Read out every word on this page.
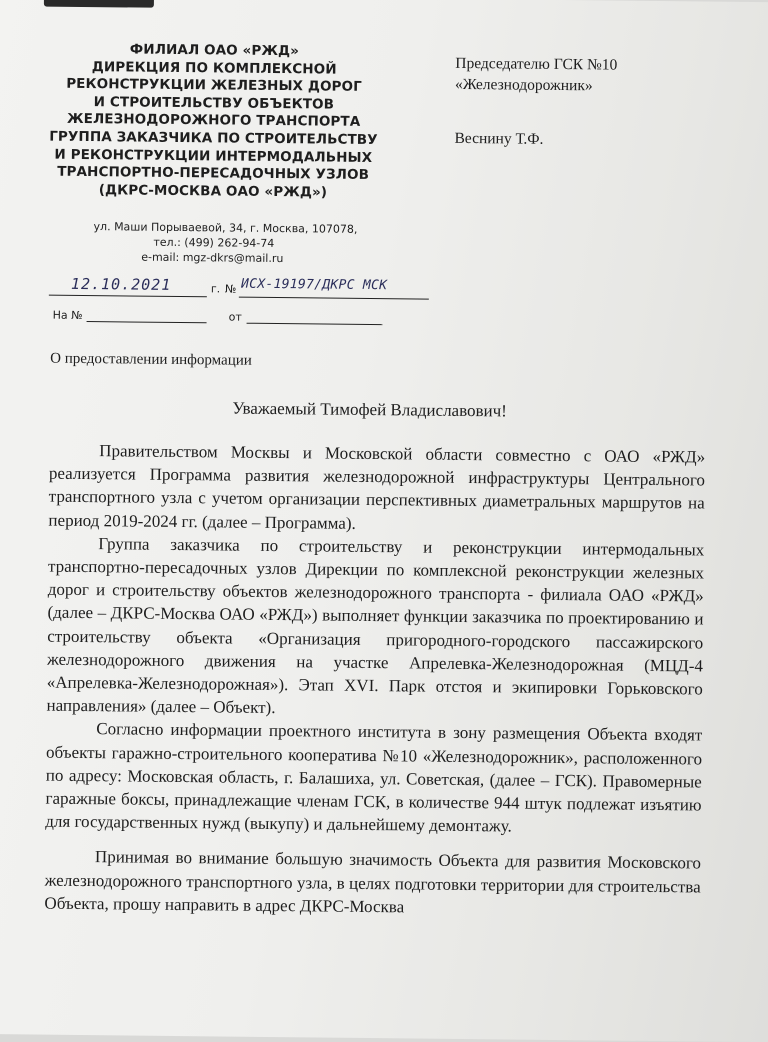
ФИЛИАЛ ОАО «РЖД»
ДИРЕКЦИЯ ПО КОМПЛЕКСНОЙ
РЕКОНСТРУКЦИИ ЖЕЛЕЗНЫХ ДОРОГ
И СТРОИТЕЛЬСТВУ ОБЪЕКТОВ
ЖЕЛЕЗНОДОРОЖНОГО ТРАНСПОРТА
ГРУППА ЗАКАЗЧИКА ПО СТРОИТЕЛЬСТВУ
И РЕКОНСТРУКЦИИ ИНТЕРМОДАЛЬНЫХ
ТРАНСПОРТНО-ПЕРЕСАДОЧНЫХ УЗЛОВ
(ДКРС-МОСКВА ОАО «РЖД»)
ул. Маши Порываевой, 34, г. Москва, 107078,
тел.: (499) 262-94-74
e-mail: mgz-dkrs@mail.ru
Председателю ГСК №10
«Железнодорожник»
Веснину Т.Ф.
12.10.2021	г. № ИСХ-19197/ДКРС МСК
На №	от
О предоставлении информации
Уважаемый Тимофей Владиславович!

Правительством Москвы и Московской области совместно с ОАО «РЖД» реализуется Программа развития железнодорожной инфраструктуры Центрального транспортного узла с учетом организации перспективных диаметральных маршрутов на период 2019-2024 гг. (далее – Программа).

Группа заказчика по строительству и реконструкции интермодальных транспортно-пересадочных узлов Дирекции по комплексной реконструкции железных дорог и строительству объектов железнодорожного транспорта - филиала ОАО «РЖД» (далее – ДКРС-Москва ОАО «РЖД») выполняет функции заказчика по проектированию и строительству объекта «Организация пригородного-городского пассажирского железнодорожного движения на участке Апрелевка-Железнодорожная (МЦД-4 «Апрелевка-Железнодорожная»). Этап XVI. Парк отстоя и экипировки Горьковского направления» (далее – Объект).

Согласно информации проектного института в зону размещения Объекта входят объекты гаражно-строительного кооператива №10 «Железнодорожник», расположенного по адресу: Московская область, г. Балашиха, ул. Советская, (далее – ГСК). Правомерные гаражные боксы, принадлежащие членам ГСК, в количестве 944 штук подлежат изъятию для государственных нужд (выкупу) и дальнейшему демонтажу.

Принимая во внимание большую значимость Объекта для развития Московского железнодорожного транспортного узла, в целях подготовки территории для строительства Объекта, прошу направить в адрес ДКРС-Москва
